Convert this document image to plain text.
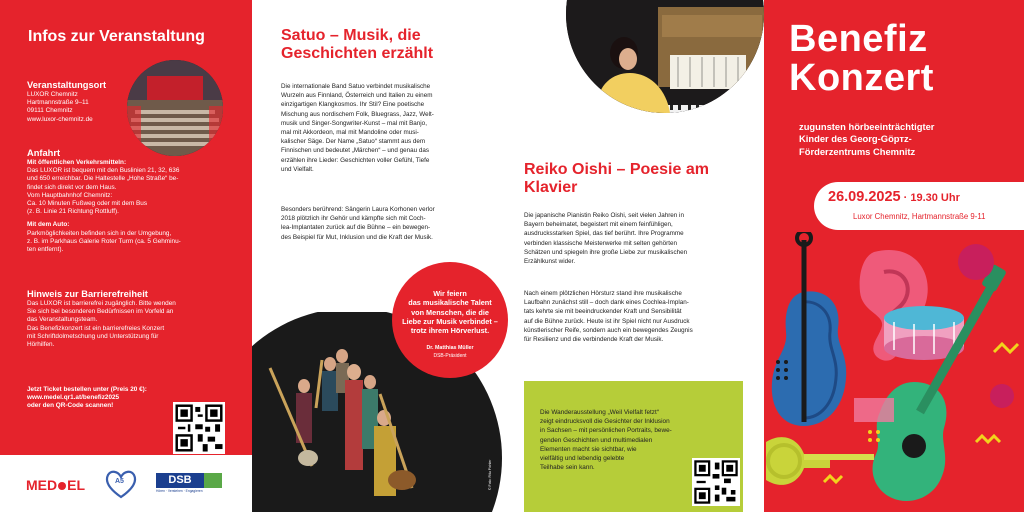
Infos zur Veranstaltung
Veranstaltungsort
LUXOR Chemnitz
Hartmannstraße 9–11
09111 Chemnitz
www.luxor-chemnitz.de
Anfahrt
Mit öffentlichen Verkehrsmitteln:
Das LUXOR ist bequem mit den Buslinien 21, 32, 636
und 650 erreichbar. Die Haltestelle „Hohe Straße“ be-
findet sich direkt vor dem Haus.
Vom Hauptbahnhof Chemnitz:
Ca. 10 Minuten Fußweg oder mit dem Bus
(z. B. Linie 21 Richtung Rottluff).
Mit dem Auto:
Parkmöglichkeiten befinden sich in der Umgebung,
z. B. im Parkhaus Galerie Roter Turm (ca. 5 Gehminu-
ten entfernt).
Hinweis zur Barrierefreiheit
Das LUXOR ist barrierefrei zugänglich. Bitte wenden
Sie sich bei besonderen Bedürfnissen im Vorfeld an
das Veranstaltungsteam.
Das Benefizkonzert ist ein barrierefreies Konzert
mit Schriftdolmetschung und Unterstützung für
Hörhilfen.
Jetzt Ticket bestellen unter (Preis 20 €):
www.medel.qr1.at/benefiz2025
oder den QR-Code scannen!
MED EL	A5	DSB
Hören · Verstehen · Engagieren
Satuo – Musik, die Geschichten erzählt
Die internationale Band Satuo verbindet musikalische
Wurzeln aus Finnland, Österreich und Italien zu einem
einzigartigen Klangkosmos. Ihr Stil? Eine poetische
Mischung aus nordischem Folk, Bluegrass, Jazz, Welt-
musik und Singer-Songwriter-Kunst – mal mit Banjo,
mal mit Akkordeon, mal mit Mandoline oder musi-
kalischer Säge. Der Name „Satuo“ stammt aus dem
Finnischen und bedeutet „Märchen“ – und genau das
erzählen ihre Lieder: Geschichten voller Gefühl, Tiefe
und Vielfalt.
Besonders berührend: Sängerin Laura Korhonen verlor
2018 plötzlich ihr Gehör und kämpfte sich mit Coch-
lea-Implantaten zurück auf die Bühne – ein bewegen-
des Beispiel für Mut, Inklusion und die Kraft der Musik.
Wir feiern
das musikalische Talent
von Menschen, die die
Liebe zur Musik verbindet –
trotz ihrem Hörverlust.
Dr. Matthias Müller
DSB-Präsident
© Foto: Ritu Pichler
Reiko Oishi – Poesie am Klavier
Die japanische Pianistin Reiko Oishi, seit vielen Jahren in
Bayern beheimatet, begeistert mit einem feinfühligen,
ausdrucksstarken Spiel, das tief berührt. Ihre Programme
verbinden klassische Meisterwerke mit selten gehörten
Schätzen und spiegeln ihre große Liebe zur musikalischen
Erzählkunst wider.
Nach einem plötzlichen Hörsturz stand ihre musikalische
Laufbahn zunächst still – doch dank eines Cochlea-Implan-
tats kehrte sie mit beeindruckender Kraft und Sensibilität
auf die Bühne zurück. Heute ist ihr Spiel nicht nur Ausdruck
künstlerischer Reife, sondern auch ein bewegendes Zeugnis
für Resilienz und die verbindende Kraft der Musik.
Die Wanderausstellung „Weil Vielfalt fetzt“
zeigt eindrucksvoll die Gesichter der Inklusion
in Sachsen – mit persönlichen Portraits, bewe-
genden Geschichten und multimedialen
Elementen macht sie sichtbar, wie
vielfältig und lebendig gelebte
Teilhabe sein kann.
Benefiz
Konzert
zugunsten hörbeeinträchtigter
Kinder des Georg-Göртz-
Förderzentrums Chemnitz
26.09.2025 · 19.30 Uhr
Luxor Chemnitz, Hartmannstraße 9-11
